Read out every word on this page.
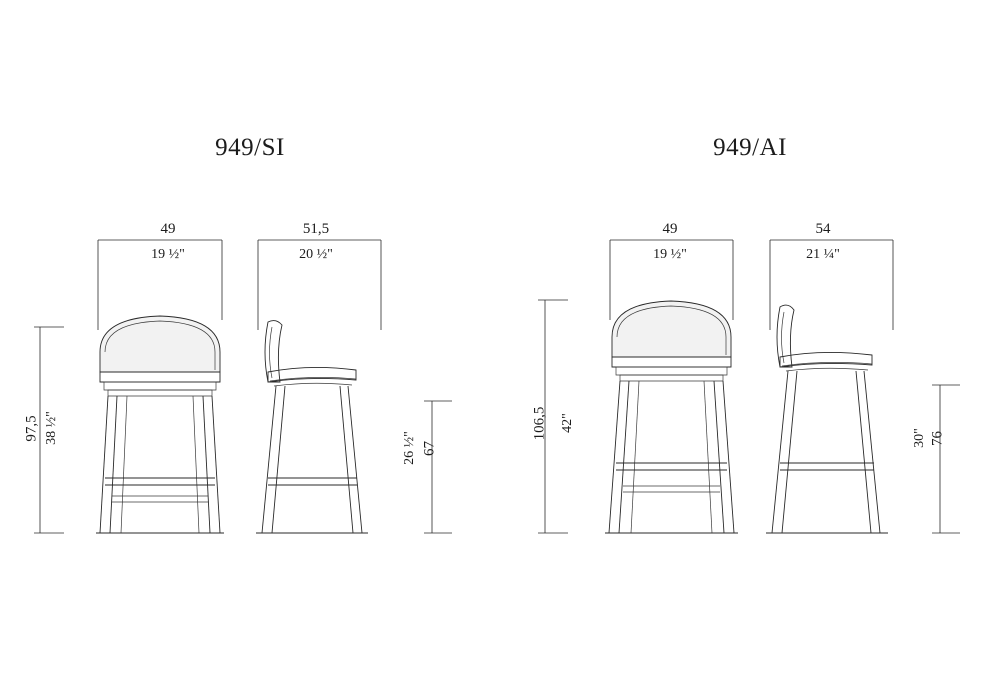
949/SI
49
19 ½"
51,5
20 ½"
97,5 38 ½"
26 ½" 67
949/AI
49
19 ½"
54
21 ¼"
106,5 42"
30" 76
